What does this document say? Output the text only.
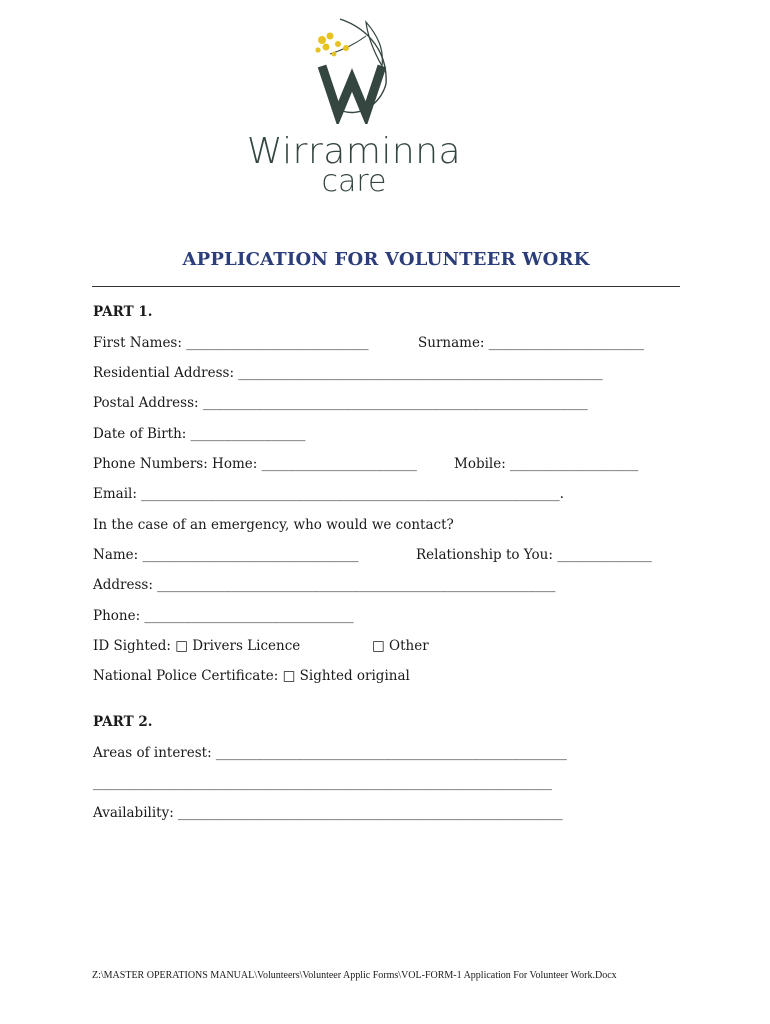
Wirraminna
care
APPLICATION FOR VOLUNTEER WORK
PART 1.
First Names: ___________________________	Surname: _______________________
Residential Address: ______________________________________________________
Postal Address: _________________________________________________________
Date of Birth: _________________
Phone Numbers: Home: _______________________	Mobile: ___________________
Email: ______________________________________________________________.
In the case of an emergency, who would we contact?
Name: ________________________________	Relationship to You: ______________
Address: ___________________________________________________________
Phone: _______________________________
ID Sighted: □ Drivers Licence	□ Other
National Police Certificate: □ Sighted original
PART 2.
Areas of interest: ____________________________________________________
____________________________________________________________________
Availability: _________________________________________________________
Z:\MASTER OPERATIONS MANUAL\Volunteers\Volunteer Applic Forms\VOL-FORM-1 Application For Volunteer Work.Docx
